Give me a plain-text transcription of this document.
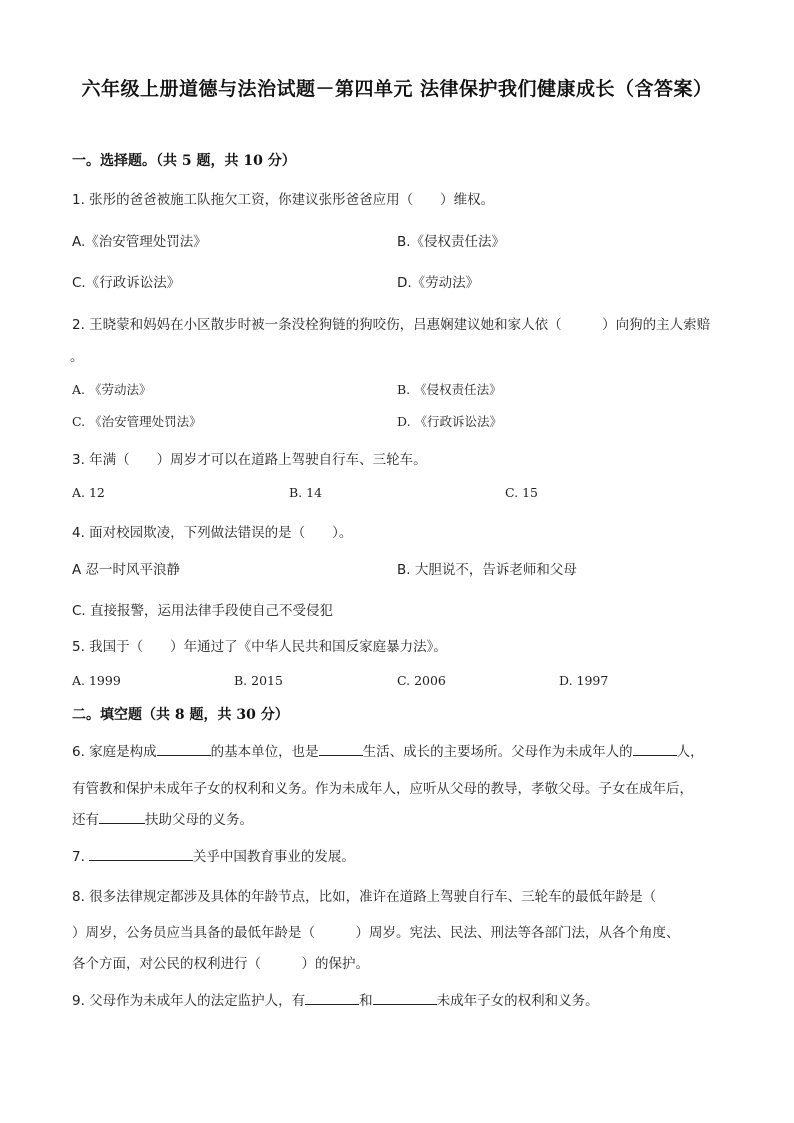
六年级上册道德与法治试题－第四单元 法律保护我们健康成长（含答案）
一。选择题。（共 5 题，共 10 分）
1. 张彤的爸爸被施工队拖欠工资，你建议张彤爸爸应用（　　）维权。
A.《治安管理处罚法》	B.《侵权责任法》
C.《行政诉讼法》	D.《劳动法》
2. 王晓蒙和妈妈在小区散步时被一条没栓狗链的狗咬伤，吕惠娴建议她和家人依（　　　）向狗的主人索赔
。
A. 《劳动法》	B. 《侵权责任法》
C. 《治安管理处罚法》	D. 《行政诉讼法》
3. 年满（　　）周岁才可以在道路上驾驶自行车、三轮车。
A. 12	B. 14	C. 15
4. 面对校园欺凌，下列做法错误的是（　　）。
A 忍一时风平浪静	B. 大胆说不，告诉老师和父母
C. 直接报警，运用法律手段使自己不受侵犯
5. 我国于（　　）年通过了《中华人民共和国反家庭暴力法》。
A. 1999	B. 2015	C. 2006	D. 1997
二。填空题（共 8 题，共 30 分）
6. 家庭是构成	的基本单位，也是	生活、成长的主要场所。父母作为未成年人的	人，
有管教和保护未成年子女的权利和义务。作为未成年人，应听从父母的教导，孝敬父母。子女在成年后，
还有	扶助父母的义务。
7.	关乎中国教育事业的发展。
8. 很多法律规定都涉及具体的年龄节点，比如，准许在道路上驾驶自行车、三轮车的最低年龄是（
）周岁，公务员应当具备的最低年龄是（　　　）周岁。宪法、民法、刑法等各部门法，从各个角度、
各个方面，对公民的权利进行（　　　）的保护。
9. 父母作为未成年人的法定监护人，有	和	未成年子女的权利和义务。
